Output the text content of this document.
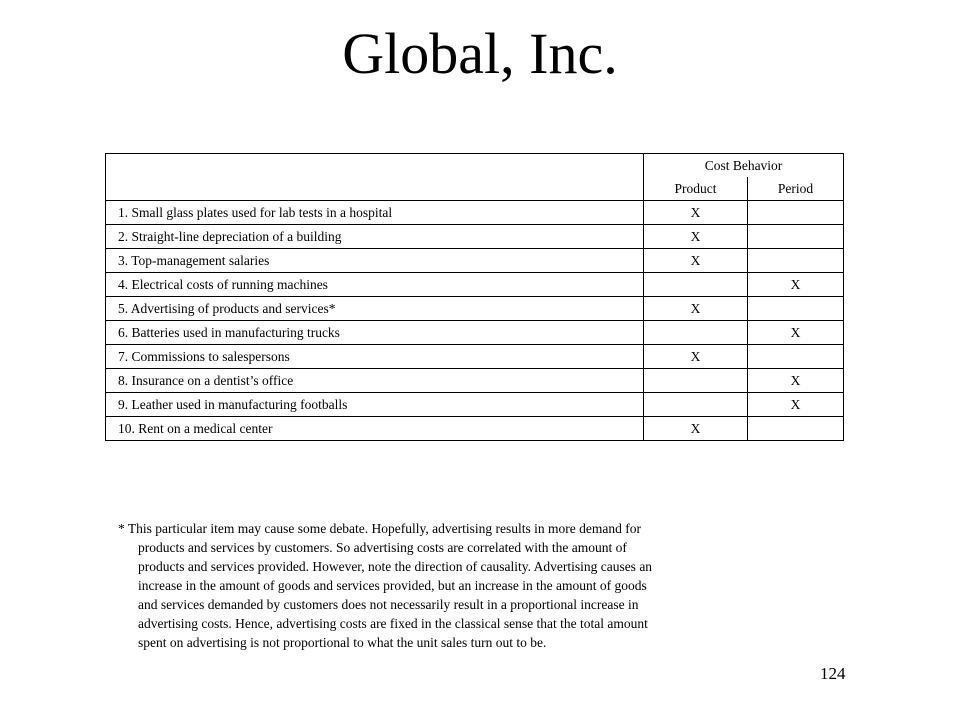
Global, Inc.
	Cost Behavior	
	Product	Period
1. Small glass plates used for lab tests in a hospital	X	
2. Straight-line depreciation of a building	X	
3. Top-management salaries	X	
4. Electrical costs of running machines		X
5. Advertising of products and services*	X	
6. Batteries used in manufacturing trucks		X
7. Commissions to salespersons	X	
8. Insurance on a dentist’s office		X
9. Leather used in manufacturing footballs		X
10. Rent on a medical center	X	
* This particular item may cause some debate. Hopefully, advertising results in more demand for
products and services by customers. So advertising costs are correlated with the amount of
products and services provided. However, note the direction of causality. Advertising causes an
increase in the amount of goods and services provided, but an increase in the amount of goods
and services demanded by customers does not necessarily result in a proportional increase in
advertising costs. Hence, advertising costs are fixed in the classical sense that the total amount
spent on advertising is not proportional to what the unit sales turn out to be.
124
